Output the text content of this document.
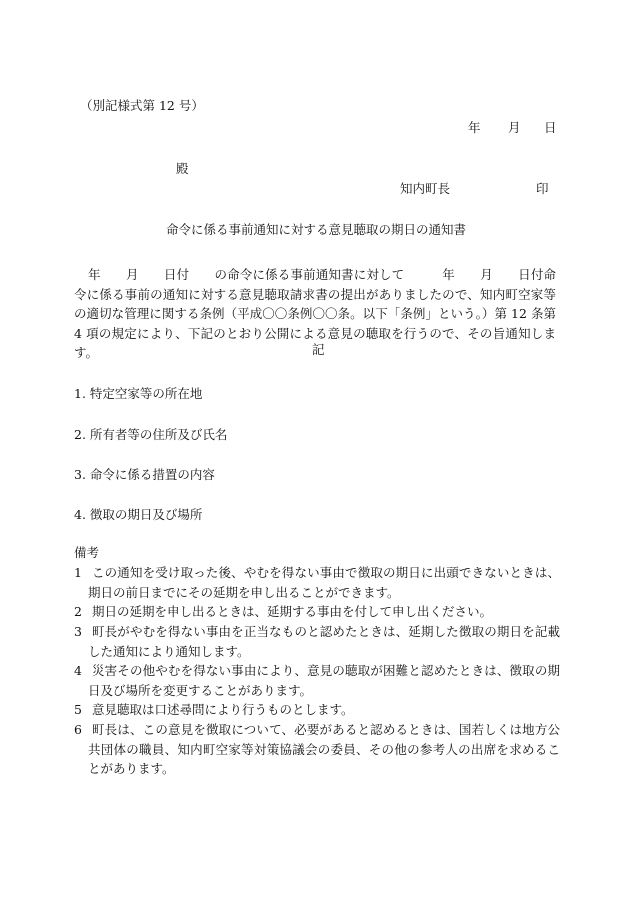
（別記様式第 12 号）
年 月 日
殿
知内町長	印
命令に係る事前通知に対する意見聴取の期日の通知書
年　　月　　日付　　の命令に係る事前通知書に対して　　　年　　月　　日付命令に係る事前の通知に対する意見聴取請求書の提出がありましたので、知内町空家等の適切な管理に関する条例（平成〇〇条例〇〇条。以下「条例」という。）第 12 条第 4 項の規定により、下記のとおり公開による意見の聴取を行うので、その旨通知します。	記
1. 特定空家等の所在地
2. 所有者等の住所及び氏名
3. 命令に係る措置の内容
4. 徴取の期日及び場所
備考
1 この通知を受け取った後、やむを得ない事由で徴取の期日に出頭できないときは、期日の前日までにその延期を申し出ることができます。
2 期日の延期を申し出るときは、延期する事由を付して申し出ください。
3 町長がやむを得ない事由を正当なものと認めたときは、延期した徴取の期日を記載した通知により通知します。
4 災害その他やむを得ない事由により、意見の聴取が困難と認めたときは、徴取の期日及び場所を変更することがあります。
5 意見聴取は口述尋問により行うものとします。
6 町長は、この意見を徴取について、必要があると認めるときは、国若しくは地方公共団体の職員、知内町空家等対策協議会の委員、その他の参考人の出席を求めることがあります。
